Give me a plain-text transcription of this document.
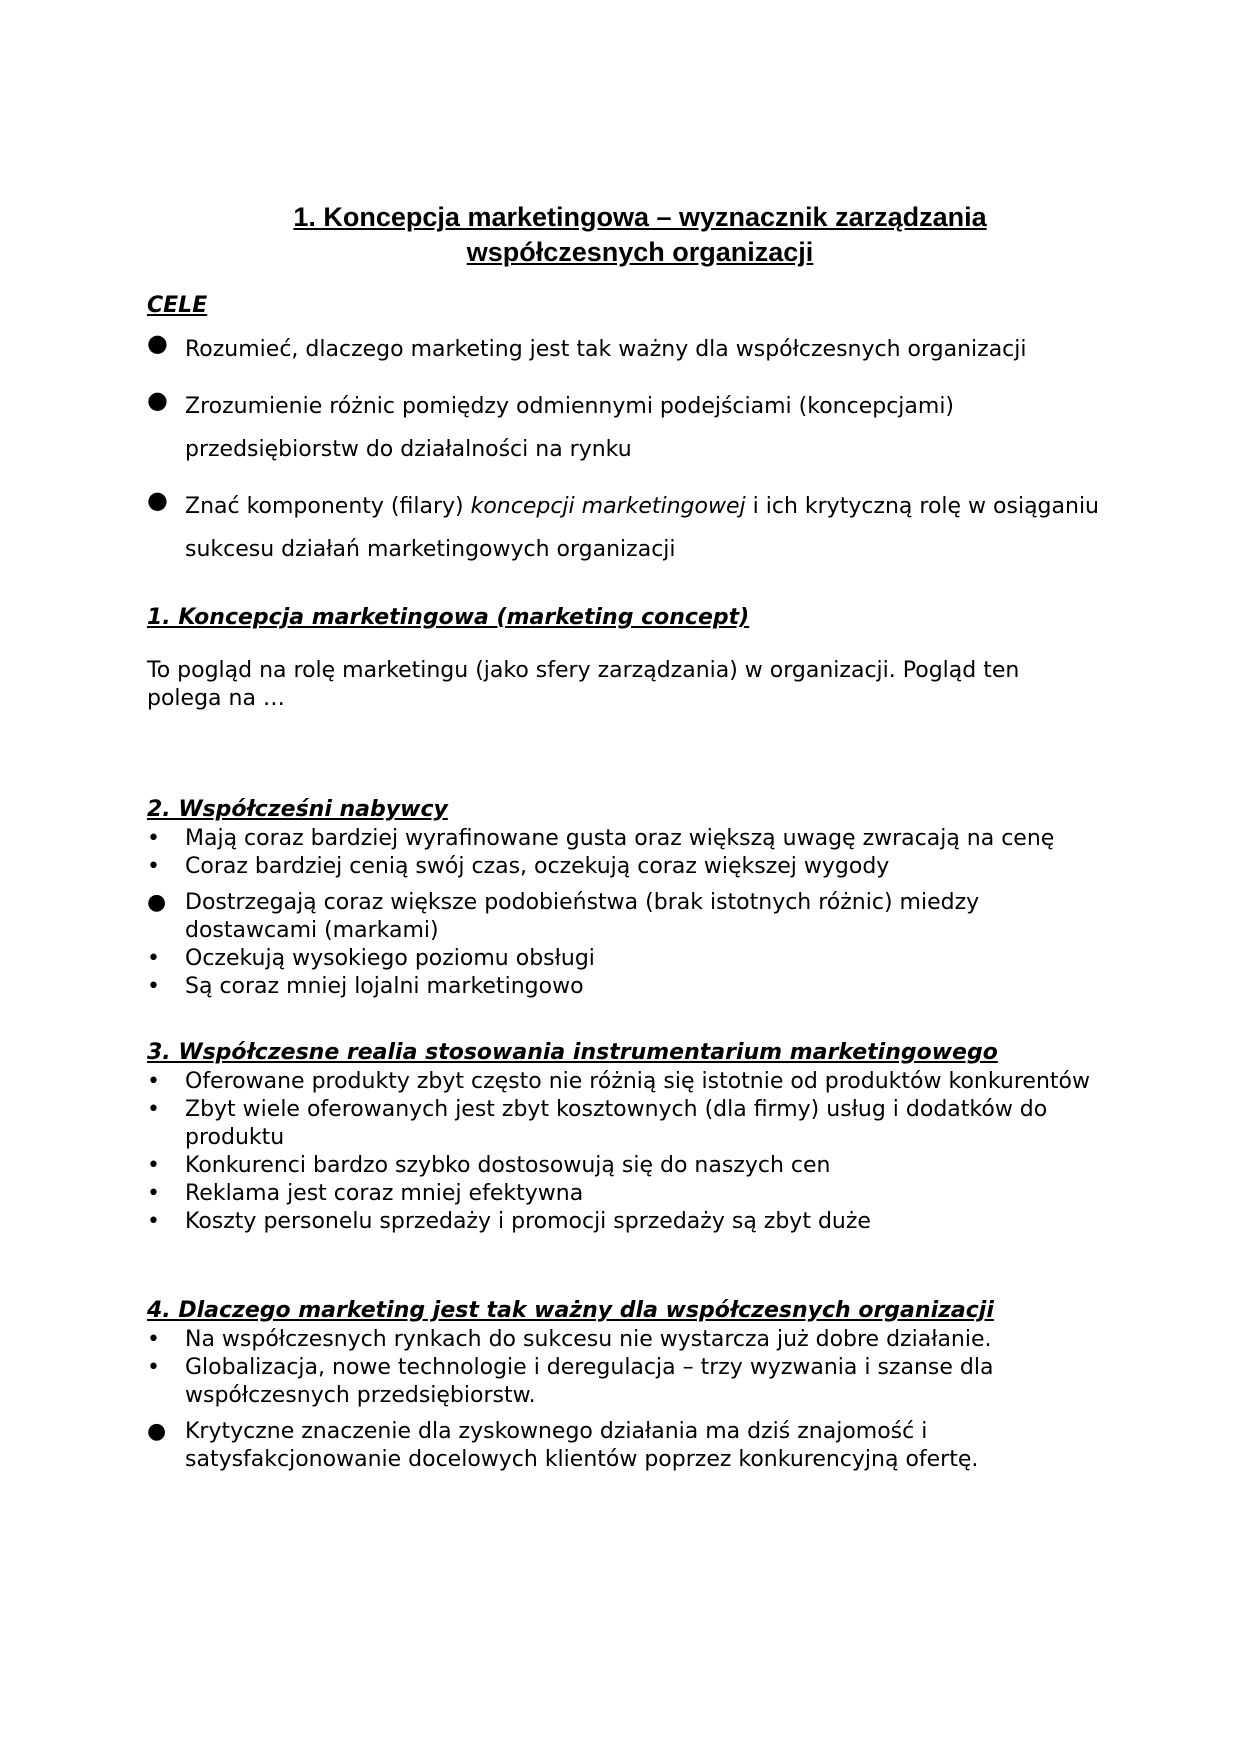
1. Koncepcja marketingowa – wyznacznik zarządzania
współczesnych organizacji
CELE
● Rozumieć, dlaczego marketing jest tak ważny dla współczesnych organizacji
● Zrozumienie różnic pomiędzy odmiennymi podejściami (koncepcjami) przedsiębiorstw do działalności na rynku
● Znać komponenty (filary) koncepcji marketingowej i ich krytyczną rolę w osiąganiu sukcesu działań marketingowych organizacji
1. Koncepcja marketingowa (marketing concept)

To pogląd na rolę marketingu (jako sfery zarządzania) w organizacji. Pogląd ten polega na …

2. Współcześni nabywcy
• Mają coraz bardziej wyrafinowane gusta oraz większą uwagę zwracają na cenę
• Coraz bardziej cenią swój czas, oczekują coraz większej wygody
● Dostrzegają coraz większe podobieństwa (brak istotnych różnic) miedzy dostawcami (markami)
• Oczekują wysokiego poziomu obsługi
• Są coraz mniej lojalni marketingowo
3. Współczesne realia stosowania instrumentarium marketingowego
• Oferowane produkty zbyt często nie różnią się istotnie od produktów konkurentów
• Zbyt wiele oferowanych jest zbyt kosztownych (dla firmy) usług i dodatków do produktu
• Konkurenci bardzo szybko dostosowują się do naszych cen
• Reklama jest coraz mniej efektywna
• Koszty personelu sprzedaży i promocji sprzedaży są zbyt duże
4. Dlaczego marketing jest tak ważny dla współczesnych organizacji
• Na współczesnych rynkach do sukcesu nie wystarcza już dobre działanie.
• Globalizacja, nowe technologie i deregulacja – trzy wyzwania i szanse dla współczesnych przedsiębiorstw.
● Krytyczne znaczenie dla zyskownego działania ma dziś znajomość i satysfakcjonowanie docelowych klientów poprzez konkurencyjną ofertę.
